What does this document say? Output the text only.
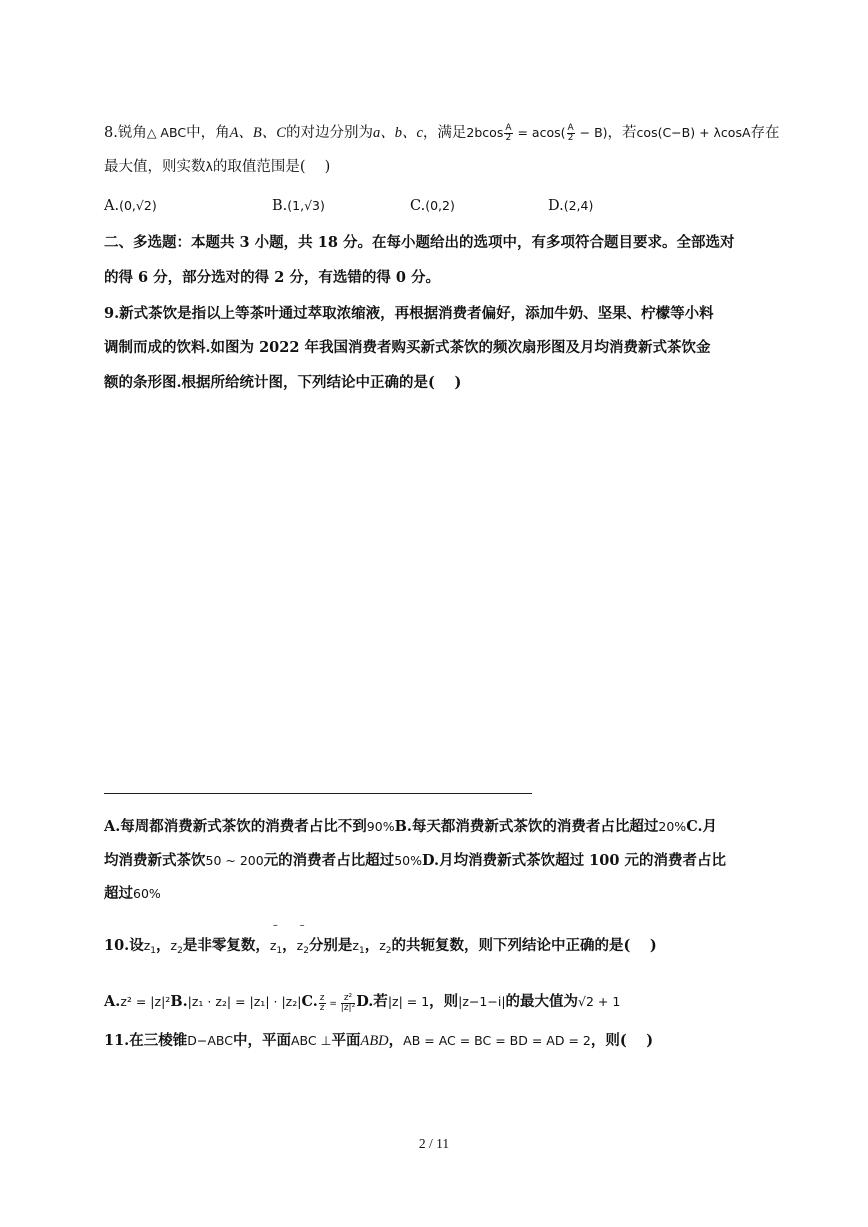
8.锐角△ ABC中，角A、B、C的对边分别为a、b、c，满足$2bcos \frac{A}{2} = acos( \frac{A}{2} - B)$，若cos(C−B) + λcosA存在
最大值，则实数λ的取值范围是(　 )
A.(0,√2)	B.(1,√3)	C.(0,2)	D.(2,4)
二、多选题：本题共 3 小题，共 18 分。在每小题给出的选项中，有多项符合题目要求。全部选对
的得 6 分，部分选对的得 2 分，有选错的得 0 分。
9.新式茶饮是指以上等茶叶通过萃取浓缩液，再根据消费者偏好，添加牛奶、坚果、柠檬等小料
调制而成的饮料.如图为 2022 年我国消费者购买新式茶饮的频次扇形图及月均消费新式茶饮金
额的条形图.根据所给统计图，下列结论中正确的是(　 )
A.每周都消费新式茶饮的消费者占比不到90%B.每天都消费新式茶饮的消费者占比超过20%C.月
均消费新式茶饮50 ~ 200元的消费者占比超过50%D.月均消费新式茶饮超过 100 元的消费者占比
超过60%
10.设$z_1$，$z_2$是非零复数，– $z_1$，– $z_2$分别是$z_1$，$z_2$的共轭复数，则下列结论中正确的是(　 )
A.z² = |z|²B.|z₁ · z₂| = |z₁| · |z₂|C. $\frac{z}{z} = \frac{\text{z²}}{\text{|z|²}} D$.若|z| = 1，则|z−1−i|的最大值为√2 + 1
11.在三棱锥D−ABC中，平面ABC ⊥平面ABD，AB = AC = BC = BD = AD = 2，则(　 )
2 / 11
